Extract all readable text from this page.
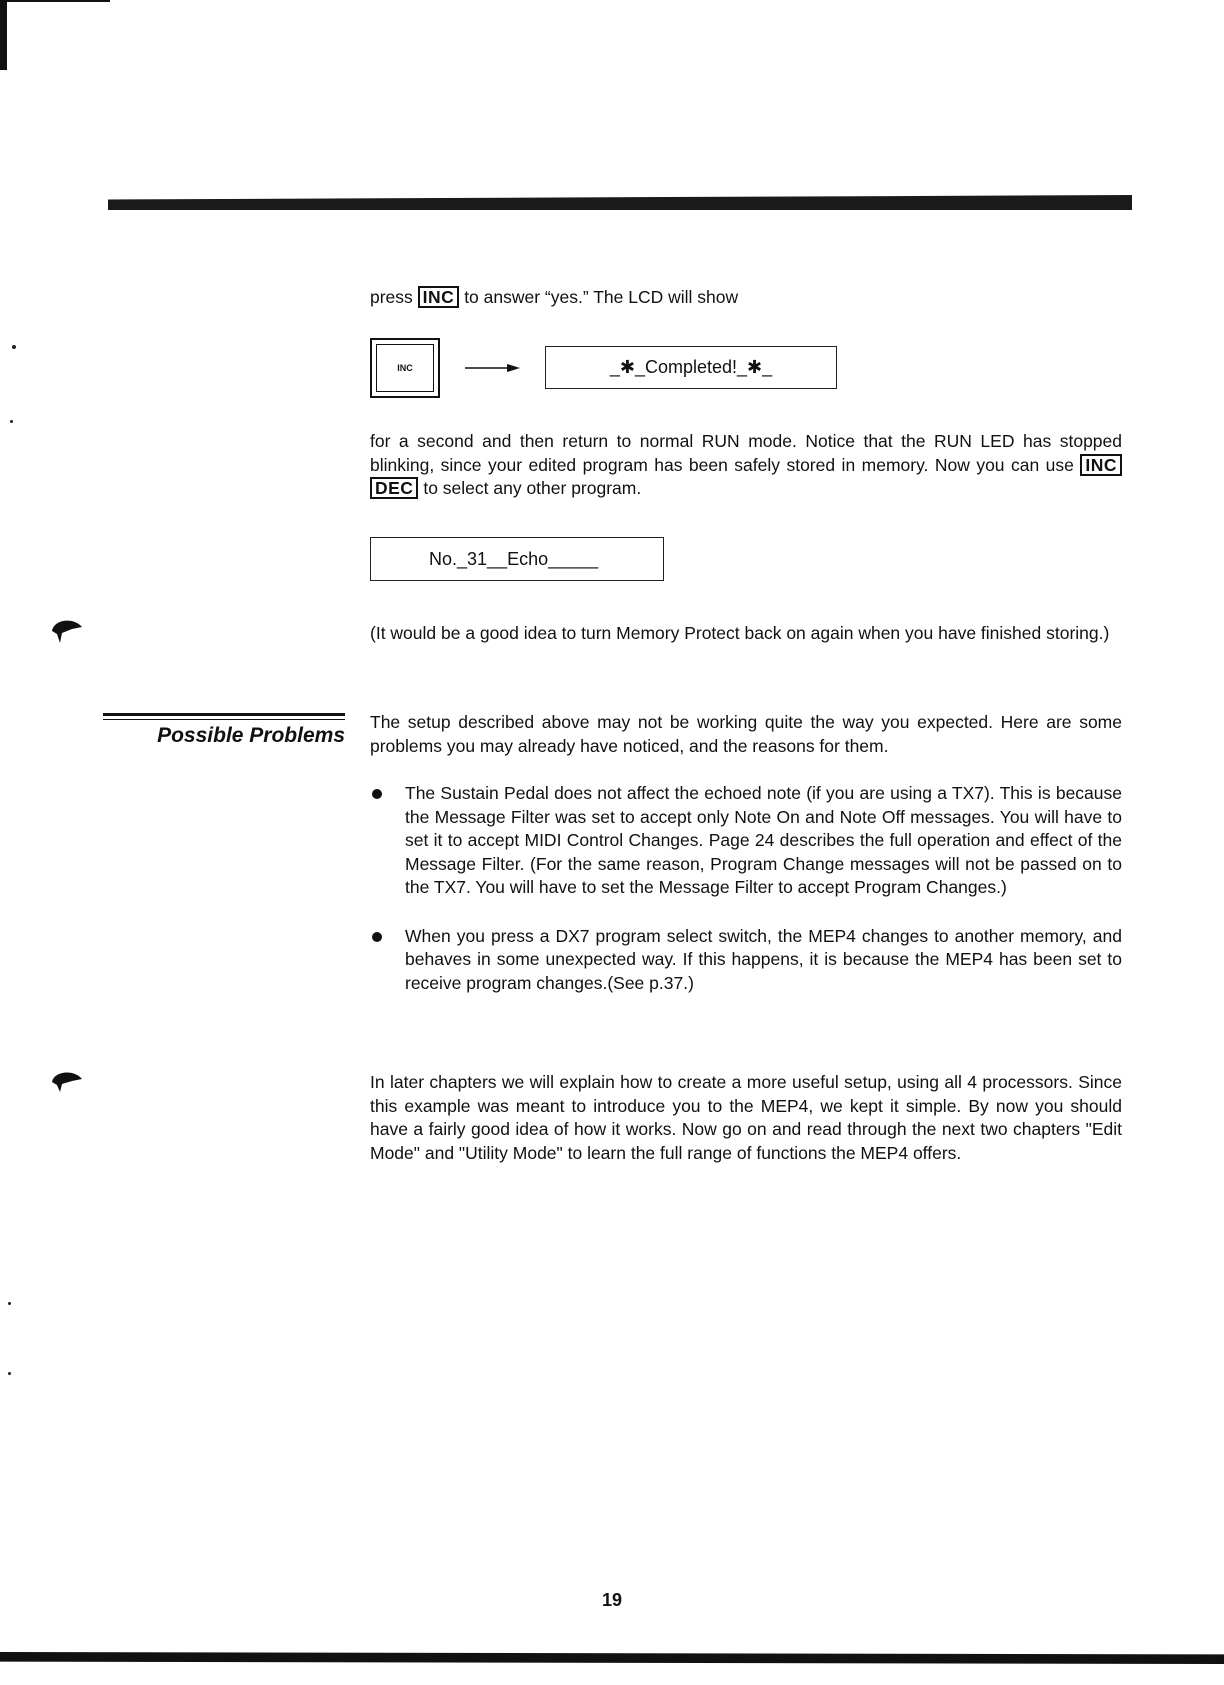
press INC to answer “yes.” The LCD will show

INC	_✱_Completed!_✱_

for a second and then return to normal RUN mode. Notice that the RUN LED has stopped blinking, since your edited program has been safely stored in memory. Now you can use INC DEC to select any other program.

No._31__Echo_____

(It would be a good idea to turn Memory Protect back on again when you have finished storing.)

Possible Problems

The setup described above may not be working quite the way you expected. Here are some problems you may already have noticed, and the reasons for them.

The Sustain Pedal does not affect the echoed note (if you are using a TX7). This is because the Message Filter was set to accept only Note On and Note Off messages. You will have to set it to accept MIDI Control Changes. Page 24 describes the full operation and effect of the Message Filter. (For the same reason, Program Change messages will not be passed on to the TX7. You will have to set the Message Filter to accept Program Changes.)
When you press a DX7 program select switch, the MEP4 changes to another memory, and behaves in some unexpected way. If this happens, it is because the MEP4 has been set to receive program changes.(See p.37.)

In later chapters we will explain how to create a more useful setup, using all 4 processors. Since this example was meant to introduce you to the MEP4, we kept it simple. By now you should have a fairly good idea of how it works. Now go on and read through the next two chapters "Edit Mode" and "Utility Mode" to learn the full range of functions the MEP4 offers.

19
